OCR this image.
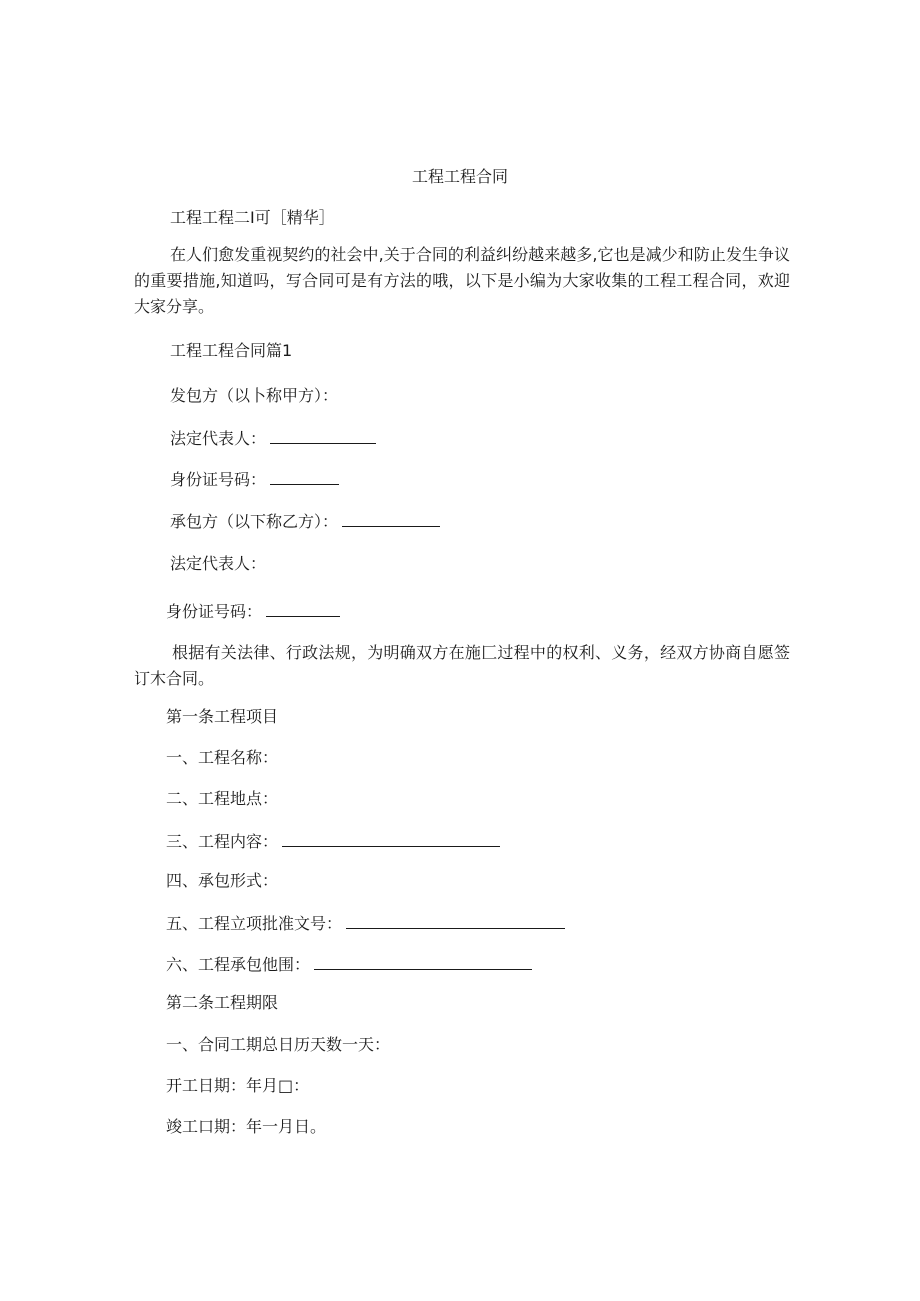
工程工程合同
工程工程二I可［精华］
在人们愈发重视契约的社会中,关于合同的利益纠纷越来越多,它也是减少和防止发生争议的重要措施,知道吗，写合同可是有方法的哦，以下是小编为大家收集的工程工程合同，欢迎大家分享。
工程工程合同篇1
发包方（以卜称甲方）：
法定代表人：
身份证号码：
承包方（以下称乙方）：
法定代表人：
身份证号码：
根据有关法律、行政法规，为明确双方在施匚过程中的权利、义务，经双方协商自愿签订木合同。
第一条工程项目
一、工程名称：
二、工程地点：
三、工程内容：
四、承包形式：
五、工程立项批准文号：
六、工程承包他围：
第二条工程期限
一、合同工期总日历天数一天：
开工日期：年月□：
竣工口期：年一月日。
